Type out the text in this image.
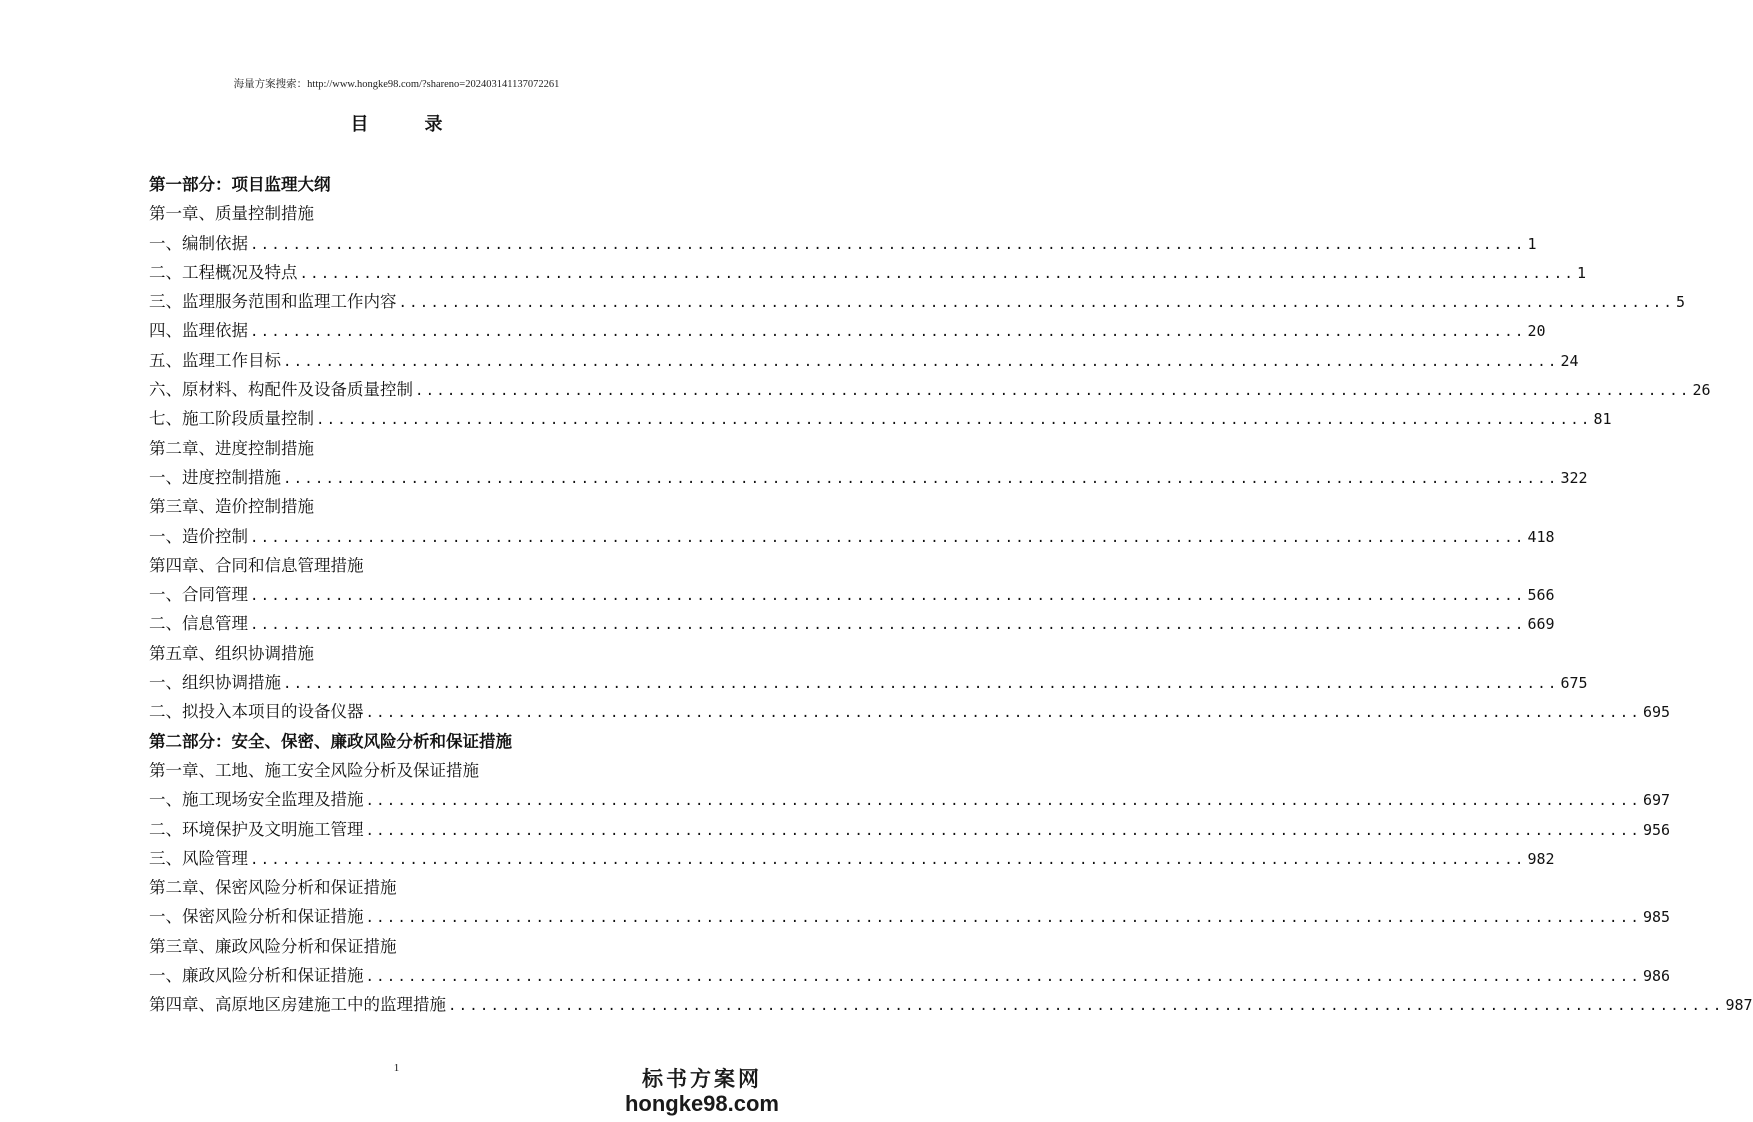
海量方案搜索：http://www.hongke98.com/?shareno=202403141137072261
目录
第一部分：项目监理大纲
第一章、质量控制措施
一、编制依据 ........................................................................................................................ 1
二、工程概况及特点 ........................................................................................................................ 1
三、监理服务范围和监理工作内容 ........................................................................................................................ 5
四、监理依据 ........................................................................................................................ 20
五、监理工作目标 ........................................................................................................................ 24
六、原材料、构配件及设备质量控制 ........................................................................................................................ 26
七、施工阶段质量控制 ........................................................................................................................ 81
第二章、进度控制措施
一、进度控制措施 ........................................................................................................................ 322
第三章、造价控制措施
一、造价控制 ........................................................................................................................ 418
第四章、合同和信息管理措施
一、合同管理 ........................................................................................................................ 566
二、信息管理 ........................................................................................................................ 669
第五章、组织协调措施
一、组织协调措施 ........................................................................................................................ 675
二、拟投入本项目的设备仪器 ........................................................................................................................ 695
第二部分：安全、保密、廉政风险分析和保证措施
第一章、工地、施工安全风险分析及保证措施
一、施工现场安全监理及措施 ........................................................................................................................ 697
二、环境保护及文明施工管理 ........................................................................................................................ 956
三、风险管理 ........................................................................................................................ 982
第二章、保密风险分析和保证措施
一、保密风险分析和保证措施 ........................................................................................................................ 985
第三章、廉政风险分析和保证措施
一、廉政风险分析和保证措施 ........................................................................................................................ 986
第四章、高原地区房建施工中的监理措施 ........................................................................................................................ 987
1	标书方案网
hongke98.com
